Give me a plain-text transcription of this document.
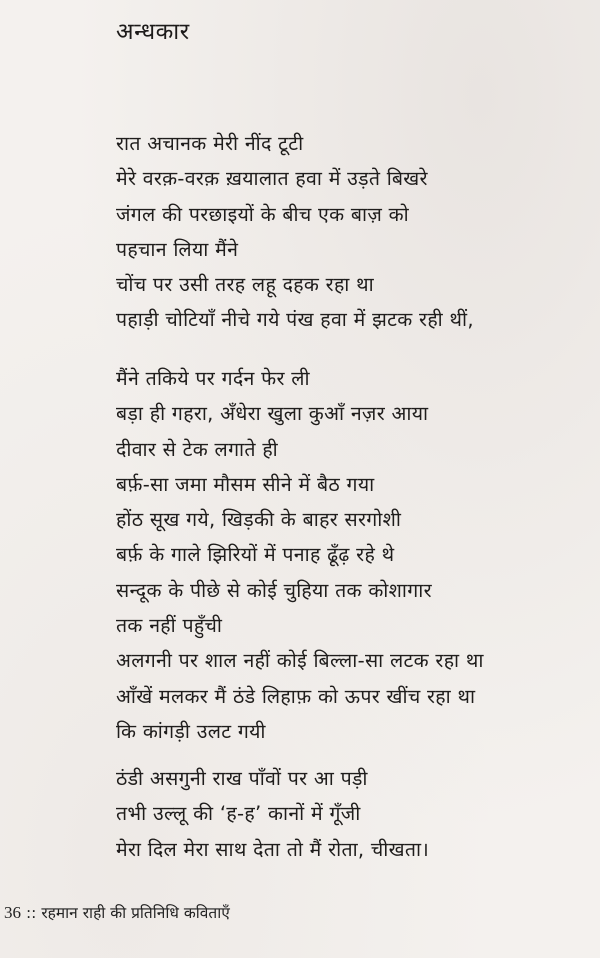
अन्धकार
रात अचानक मेरी नींद टूटी
मेरे वरक़-वरक़ ख़यालात हवा में उड़ते बिखरे
जंगल की परछाइयों के बीच एक बाज़ को
पहचान लिया मैंने
चोंच पर उसी तरह लहू दहक रहा था
पहाड़ी चोटियाँ नीचे गये पंख हवा में झटक रही थीं,
मैंने तकिये पर गर्दन फेर ली
बड़ा ही गहरा, अँधेरा खुला कुआँ नज़र आया
दीवार से टेक लगाते ही
बर्फ़-सा जमा मौसम सीने में बैठ गया
होंठ सूख गये, खिड़की के बाहर सरगोशी
बर्फ़ के गाले झिरियों में पनाह ढूँढ़ रहे थे
सन्दूक के पीछे से कोई चुहिया तक कोशागार
तक नहीं पहुँची
अलगनी पर शाल नहीं कोई बिल्ला-सा लटक रहा था
आँखें मलकर मैं ठंडे लिहाफ़ को ऊपर खींच रहा था
कि कांगड़ी उलट गयी
ठंडी असगुनी राख पाँवों पर आ पड़ी
तभी उल्लू की ‘ह-ह’ कानों में गूँजी
मेरा दिल मेरा साथ देता तो मैं रोता, चीखता।
36 :: रहमान राही की प्रतिनिधि कविताएँ
